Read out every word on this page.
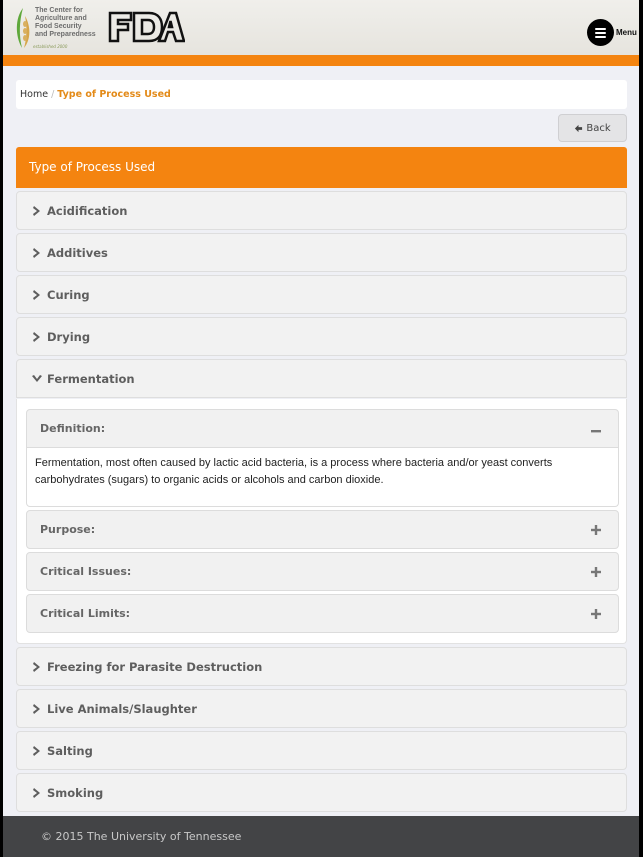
The Center for
Agriculture and
Food Security
and Preparedness
established 2000
Menu
Home / Type of Process Used
Back
Type of Process Used
Acidification
Additives
Curing
Drying
Fermentation
Definition:
Fermentation, most often caused by lactic acid bacteria, is a process where bacteria and/or yeast converts carbohydrates (sugars) to organic acids or alcohols and carbon dioxide.
Purpose:
Critical Issues:
Critical Limits:
Freezing for Parasite Destruction
Live Animals/Slaughter
Salting
Smoking
© 2015 The University of Tennessee
